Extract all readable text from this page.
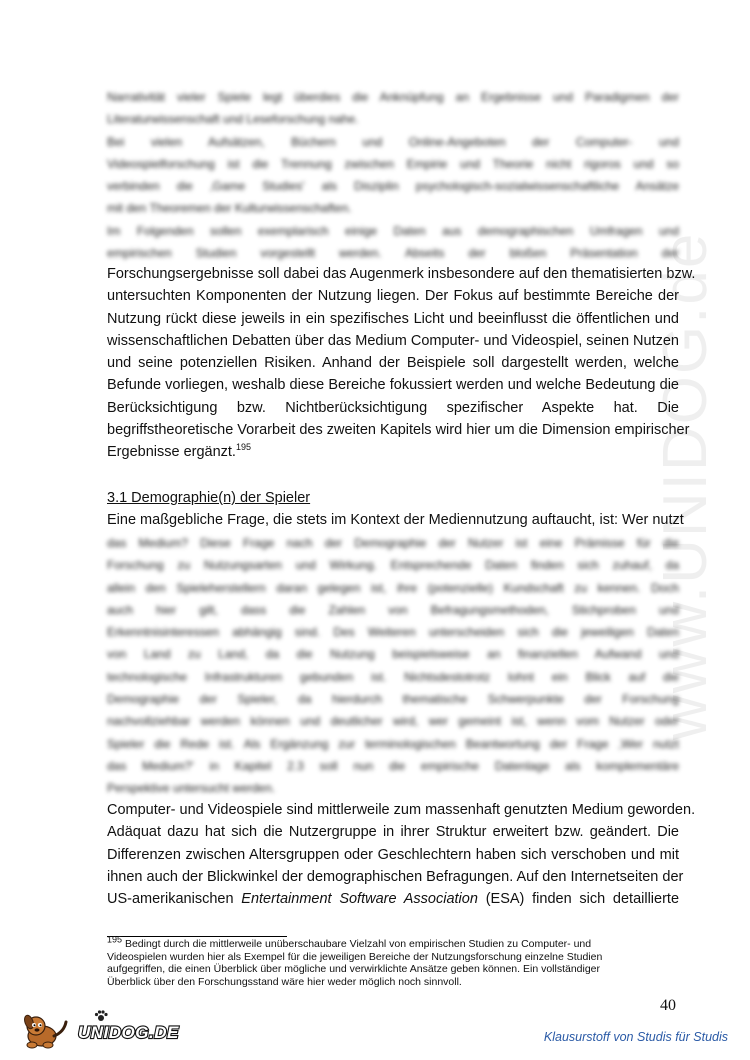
www.UNIDOG.de
Narrativität vieler Spiele legt überdies die Anknüpfung an Ergebnisse und Paradigmen der
Literaturwissenschaft und Leseforschung nahe.
Bei vielen Aufsätzen, Büchern und Online-Angeboten der Computer- und
Videospielforschung ist die Trennung zwischen Empirie und Theorie nicht rigoros und so
verbinden die ‚Game Studies' als Disziplin psychologisch-sozialwissenschaftliche Ansätze
mit den Theoremen der Kulturwissenschaften.
Im Folgenden sollen exemplarisch einige Daten aus demographischen Umfragen und
empirischen Studien vorgestellt werden. Abseits der bloßen Präsentation der
Forschungsergebnisse soll dabei das Augenmerk insbesondere auf den thematisierten bzw.
untersuchten Komponenten der Nutzung liegen. Der Fokus auf bestimmte Bereiche der
Nutzung rückt diese jeweils in ein spezifisches Licht und beeinflusst die öffentlichen und
wissenschaftlichen Debatten über das Medium Computer- und Videospiel, seinen Nutzen
und seine potenziellen Risiken. Anhand der Beispiele soll dargestellt werden, welche
Befunde vorliegen, weshalb diese Bereiche fokussiert werden und welche Bedeutung die
Berücksichtigung bzw. Nichtberücksichtigung spezifischer Aspekte hat. Die
begriffstheoretische Vorarbeit des zweiten Kapitels wird hier um die Dimension empirischer
Ergebnisse ergänzt.$^{195}$
3.1 Demographie(n) der Spieler
Eine maßgebliche Frage, die stets im Kontext der Mediennutzung auftaucht, ist: Wer nutzt
das Medium? Diese Frage nach der Demographie der Nutzer ist eine Prämisse für die
Forschung zu Nutzungsarten und Wirkung. Entsprechende Daten finden sich zuhauf, da
allein den Spieleherstellern daran gelegen ist, ihre (potenzielle) Kundschaft zu kennen. Doch
auch hier gilt, dass die Zahlen von Befragungsmethoden, Stichproben und
Erkenntnisinteressen abhängig sind. Des Weiteren unterscheiden sich die jeweiligen Daten
von Land zu Land, da die Nutzung beispielsweise an finanziellen Aufwand und
technologische Infrastrukturen gebunden ist. Nichtsdestotrotz lohnt ein Blick auf die
Demographie der Spieler, da hierdurch thematische Schwerpunkte der Forschung
nachvollziehbar werden können und deutlicher wird, wer gemeint ist, wenn vom Nutzer oder
Spieler die Rede ist. Als Ergänzung zur terminologischen Beantwortung der Frage ‚Wer nutzt
das Medium?' in Kapitel 2.3 soll nun die empirische Datenlage als komplementäre
Perspektive untersucht werden.
Computer- und Videospiele sind mittlerweile zum massenhaft genutzten Medium geworden.
Adäquat dazu hat sich die Nutzergruppe in ihrer Struktur erweitert bzw. geändert. Die
Differenzen zwischen Altersgruppen oder Geschlechtern haben sich verschoben und mit
ihnen auch der Blickwinkel der demographischen Befragungen. Auf den Internetseiten der
US-amerikanischen Entertainment Software Association (ESA) finden sich detaillierte
195 Bedingt durch die mittlerweile unüberschaubare Vielzahl von empirischen Studien zu Computer- und
Videospielen wurden hier als Exempel für die jeweiligen Bereiche der Nutzungsforschung einzelne Studien
aufgegriffen, die einen Überblick über mögliche und verwirklichte Ansätze geben können. Ein vollständiger
Überblick über den Forschungsstand wäre hier weder möglich noch sinnvoll.
40
UNIDOG.DE	Klausurstoff von Studis für Studis
